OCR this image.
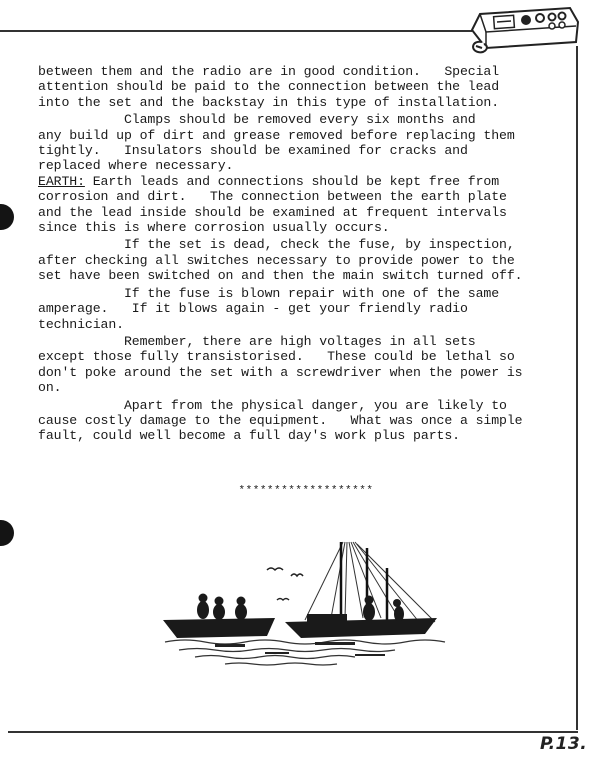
between them and the radio are in good condition.   Special
attention should be paid to the connection between the lead
into the set and the backstay in this type of installation.
Clamps should be removed every six months and
any build up of dirt and grease removed before replacing them
tightly.   Insulators should be examined for cracks and
replaced where necessary.
EARTH: Earth leads and connections should be kept free from
corrosion and dirt.   The connection between the earth plate
and the lead inside should be examined at frequent intervals
since this is where corrosion usually occurs.
If the set is dead, check the fuse, by inspection,
after checking all switches necessary to provide power to the
set have been switched on and then the main switch turned off.
If the fuse is blown repair with one of the same
amperage.   If it blows again - get your friendly radio
technician.
Remember, there are high voltages in all sets
except those fully transistorised.   These could be lethal so
don't poke around the set with a screwdriver when the power is
on.
Apart from the physical danger, you are likely to
cause costly damage to the equipment.   What was once a simple
fault, could well become a full day's work plus parts.
*******************
P.13.
